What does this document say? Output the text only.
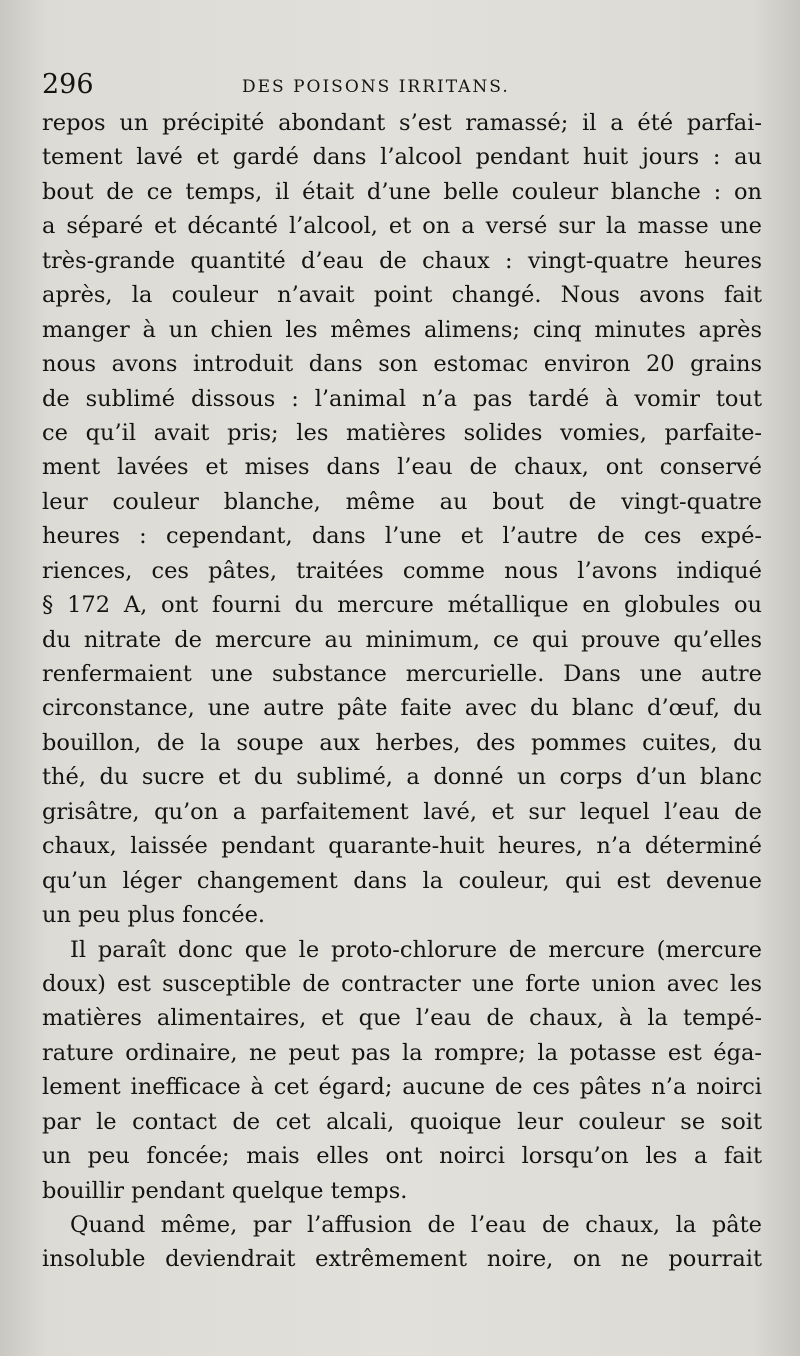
296	DES POISONS IRRITANS.
repos un précipité abondant s’est ramassé; il a été parfai-
tement lavé et gardé dans l’alcool pendant huit jours : au
bout de ce temps, il était d’une belle couleur blanche : on
a séparé et décanté l’alcool, et on a versé sur la masse une
très-grande quantité d’eau de chaux : vingt-quatre heures
après, la couleur n’avait point changé. Nous avons fait
manger à un chien les mêmes alimens; cinq minutes après
nous avons introduit dans son estomac environ 20 grains
de sublimé dissous : l’animal n’a pas tardé à vomir tout
ce qu’il avait pris; les matières solides vomies, parfaite-
ment lavées et mises dans l’eau de chaux, ont conservé
leur couleur blanche, même au bout de vingt-quatre
heures : cependant, dans l’une et l’autre de ces expé-
riences, ces pâtes, traitées comme nous l’avons indiqué
§ 172 A, ont fourni du mercure métallique en globules ou
du nitrate de mercure au minimum, ce qui prouve qu’elles
renfermaient une substance mercurielle. Dans une autre
circonstance, une autre pâte faite avec du blanc d’œuf, du
bouillon, de la soupe aux herbes, des pommes cuites, du
thé, du sucre et du sublimé, a donné un corps d’un blanc
grisâtre, qu’on a parfaitement lavé, et sur lequel l’eau de
chaux, laissée pendant quarante-huit heures, n’a déterminé
qu’un léger changement dans la couleur, qui est devenue
un peu plus foncée.
Il paraît donc que le proto-chlorure de mercure (mercure
doux) est susceptible de contracter une forte union avec les
matières alimentaires, et que l’eau de chaux, à la tempé-
rature ordinaire, ne peut pas la rompre; la potasse est éga-
lement inefficace à cet égard; aucune de ces pâtes n’a noirci
par le contact de cet alcali, quoique leur couleur se soit
un peu foncée; mais elles ont noirci lorsqu’on les a fait
bouillir pendant quelque temps.
Quand même, par l’affusion de l’eau de chaux, la pâte
insoluble deviendrait extrêmement noire, on ne pourrait
